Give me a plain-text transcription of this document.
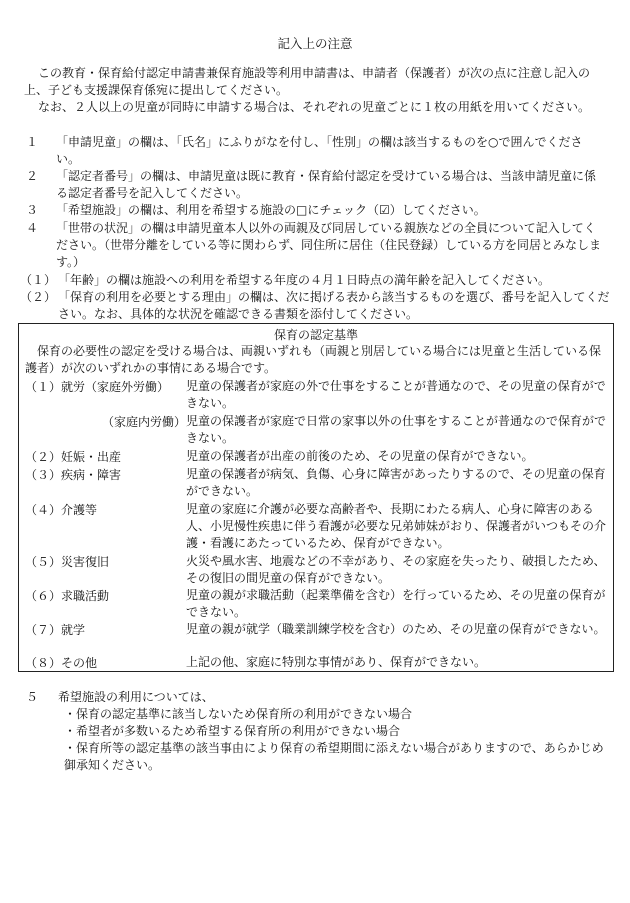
記入上の注意
この教育・保育給付認定申請書兼保育施設等利用申請書は、申請者（保護者）が次の点に注意し記入の上、子ども支援課保育係宛に提出してください。
なお、２人以上の児童が同時に申請する場合は、それぞれの児童ごとに１枚の用紙を用いてください。
１ 「申請児童」の欄は、「氏名」にふりがなを付し、「性別」の欄は該当するものを○で囲んでください。
２ 「認定者番号」の欄は、申請児童は既に教育・保育給付認定を受けている場合は、当該申請児童に係る認定者番号を記入してください。
３ 「希望施設」の欄は、利用を希望する施設の□にチェック（☑）してください。
４ 「世帯の状況」の欄は申請児童本人以外の両親及び同居している親族などの全員について記入してください。（世帯分離をしている等に関わらず、同住所に居住（住民登録）している方を同居とみなします。）
（１） 「年齢」の欄は施設への利用を希望する年度の４月１日時点の満年齢を記入してください。
（２） 「保育の利用を必要とする理由」の欄は、次に掲げる表から該当するものを選び、番号を記入してください。なお、具体的な状況を確認できる書類を添付してください。
保育の認定基準
保育の必要性の認定を受ける場合は、両親いずれも（両親と別居している場合には児童と生活している保護者）が次のいずれかの事情にある場合です。
（１）就労（家庭外労働） 児童の保護者が家庭の外で仕事をすることが普通なので、その児童の保育ができない。
（家庭内労働） 児童の保護者が家庭で日常の家事以外の仕事をすることが普通なので保育ができない。
（２）妊娠・出産	児童の保護者が出産の前後のため、その児童の保育ができない。
（３）疾病・障害	児童の保護者が病気、負傷、心身に障害があったりするので、その児童の保育ができない。
（４）介護等	児童の家庭に介護が必要な高齢者や、長期にわたる病人、心身に障害のある人、小児慢性疾患に伴う看護が必要な兄弟姉妹がおり、保護者がいつもその介護・看護にあたっているため、保育ができない。
（５）災害復旧	火災や風水害、地震などの不幸があり、その家庭を失ったり、破損したため、その復旧の間児童の保育ができない。
（６）求職活動	児童の親が求職活動（起業準備を含む）を行っているため、その児童の保育ができない。
（７）就学	児童の親が就学（職業訓練学校を含む）のため、その児童の保育ができない。
（８）その他	上記の他、家庭に特別な事情があり、保育ができない。
５ 希望施設の利用については、
・保育の認定基準に該当しないため保育所の利用ができない場合
・希望者が多数いるため希望する保育所の利用ができない場合
・保育所等の認定基準の該当事由により保育の希望期間に添えない場合がありますので、あらかじめ御承知ください。
